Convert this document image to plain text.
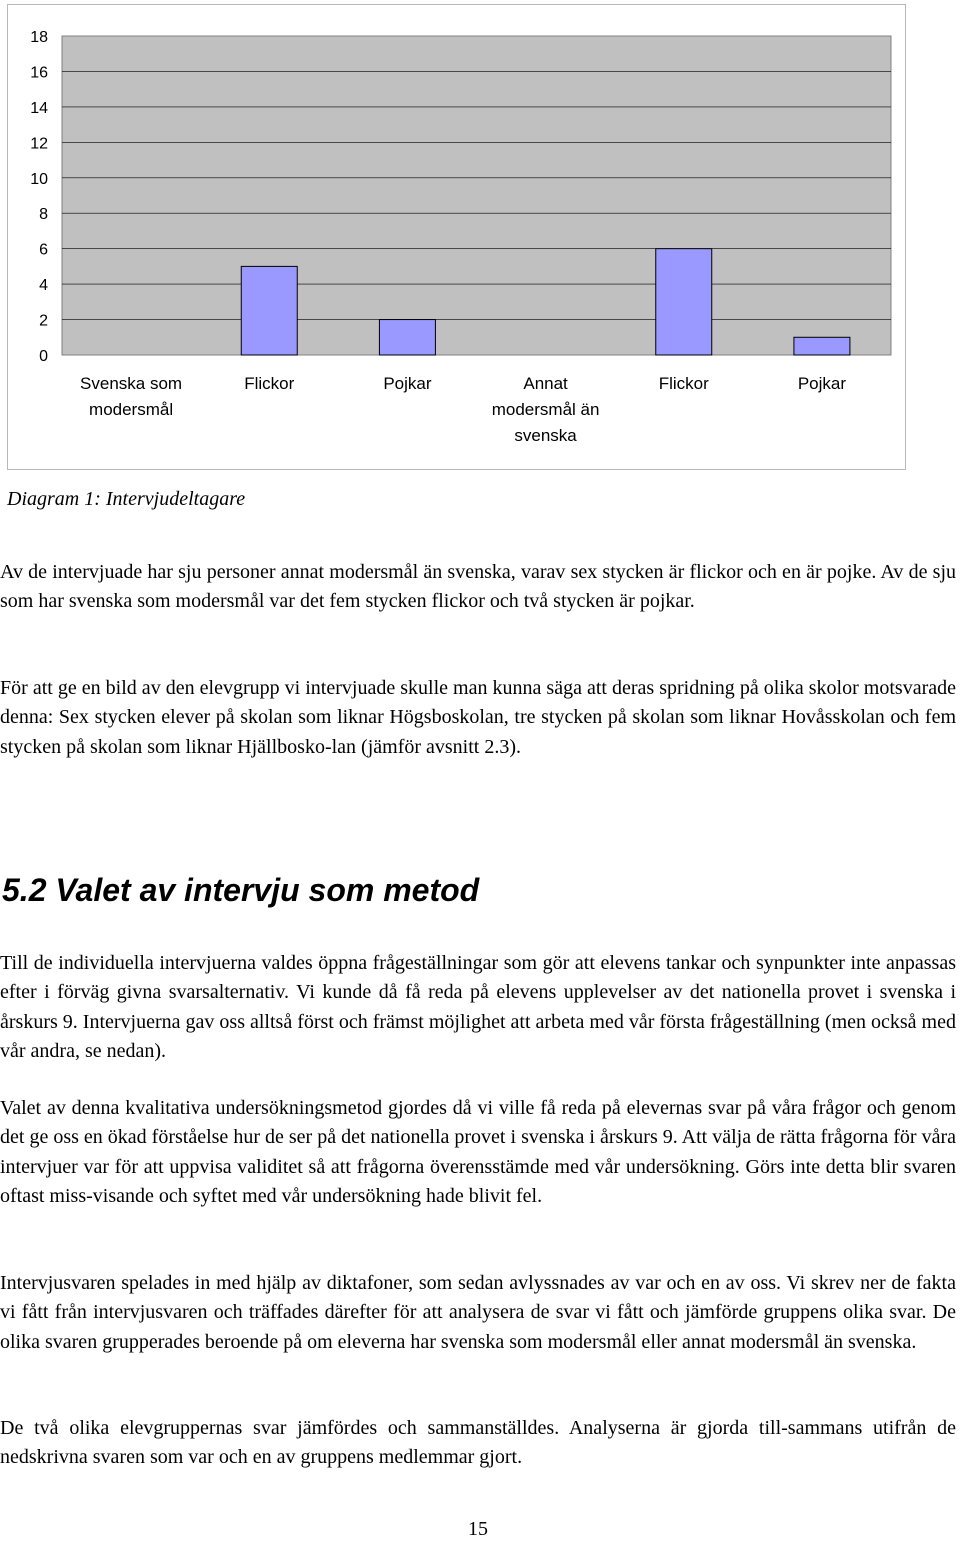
0
2
4
6
8
10
12
14
16
18
Svenska som
modersmål
Flickor	Pojkar	Annat
modersmål än
svenska
Flickor	Pojkar
Diagram 1: Intervjudeltagare

Av de intervjuade har sju personer annat modersmål än svenska, varav sex stycken är flickor och en är pojke. Av de sju som har svenska som modersmål var det fem stycken flickor och två stycken är pojkar.

För att ge en bild av den elevgrupp vi intervjuade skulle man kunna säga att deras spridning på olika skolor motsvarade denna: Sex stycken elever på skolan som liknar Högsboskolan, tre stycken på skolan som liknar Hovåsskolan och fem stycken på skolan som liknar Hjällbosko-lan (jämför avsnitt 2.3).

5.2 Valet av intervju som metod

Till de individuella intervjuerna valdes öppna frågeställningar som gör att elevens tankar och synpunkter inte anpassas efter i förväg givna svarsalternativ. Vi kunde då få reda på elevens upplevelser av det nationella provet i svenska i årskurs 9. Intervjuerna gav oss alltså först och främst möjlighet att arbeta med vår första frågeställning (men också med vår andra, se nedan).

Valet av denna kvalitativa undersökningsmetod gjordes då vi ville få reda på elevernas svar på våra frågor och genom det ge oss en ökad förståelse hur de ser på det nationella provet i svenska i årskurs 9. Att välja de rätta frågorna för våra intervjuer var för att uppvisa validitet så att frågorna överensstämde med vår undersökning. Görs inte detta blir svaren oftast miss-visande och syftet med vår undersökning hade blivit fel.

Intervjusvaren spelades in med hjälp av diktafoner, som sedan avlyssnades av var och en av oss. Vi skrev ner de fakta vi fått från intervjusvaren och träffades därefter för att analysera de svar vi fått och jämförde gruppens olika svar. De olika svaren grupperades beroende på om eleverna har svenska som modersmål eller annat modersmål än svenska.

De två olika elevgruppernas svar jämfördes och sammanställdes. Analyserna är gjorda till-sammans utifrån de nedskrivna svaren som var och en av gruppens medlemmar gjort.

15
